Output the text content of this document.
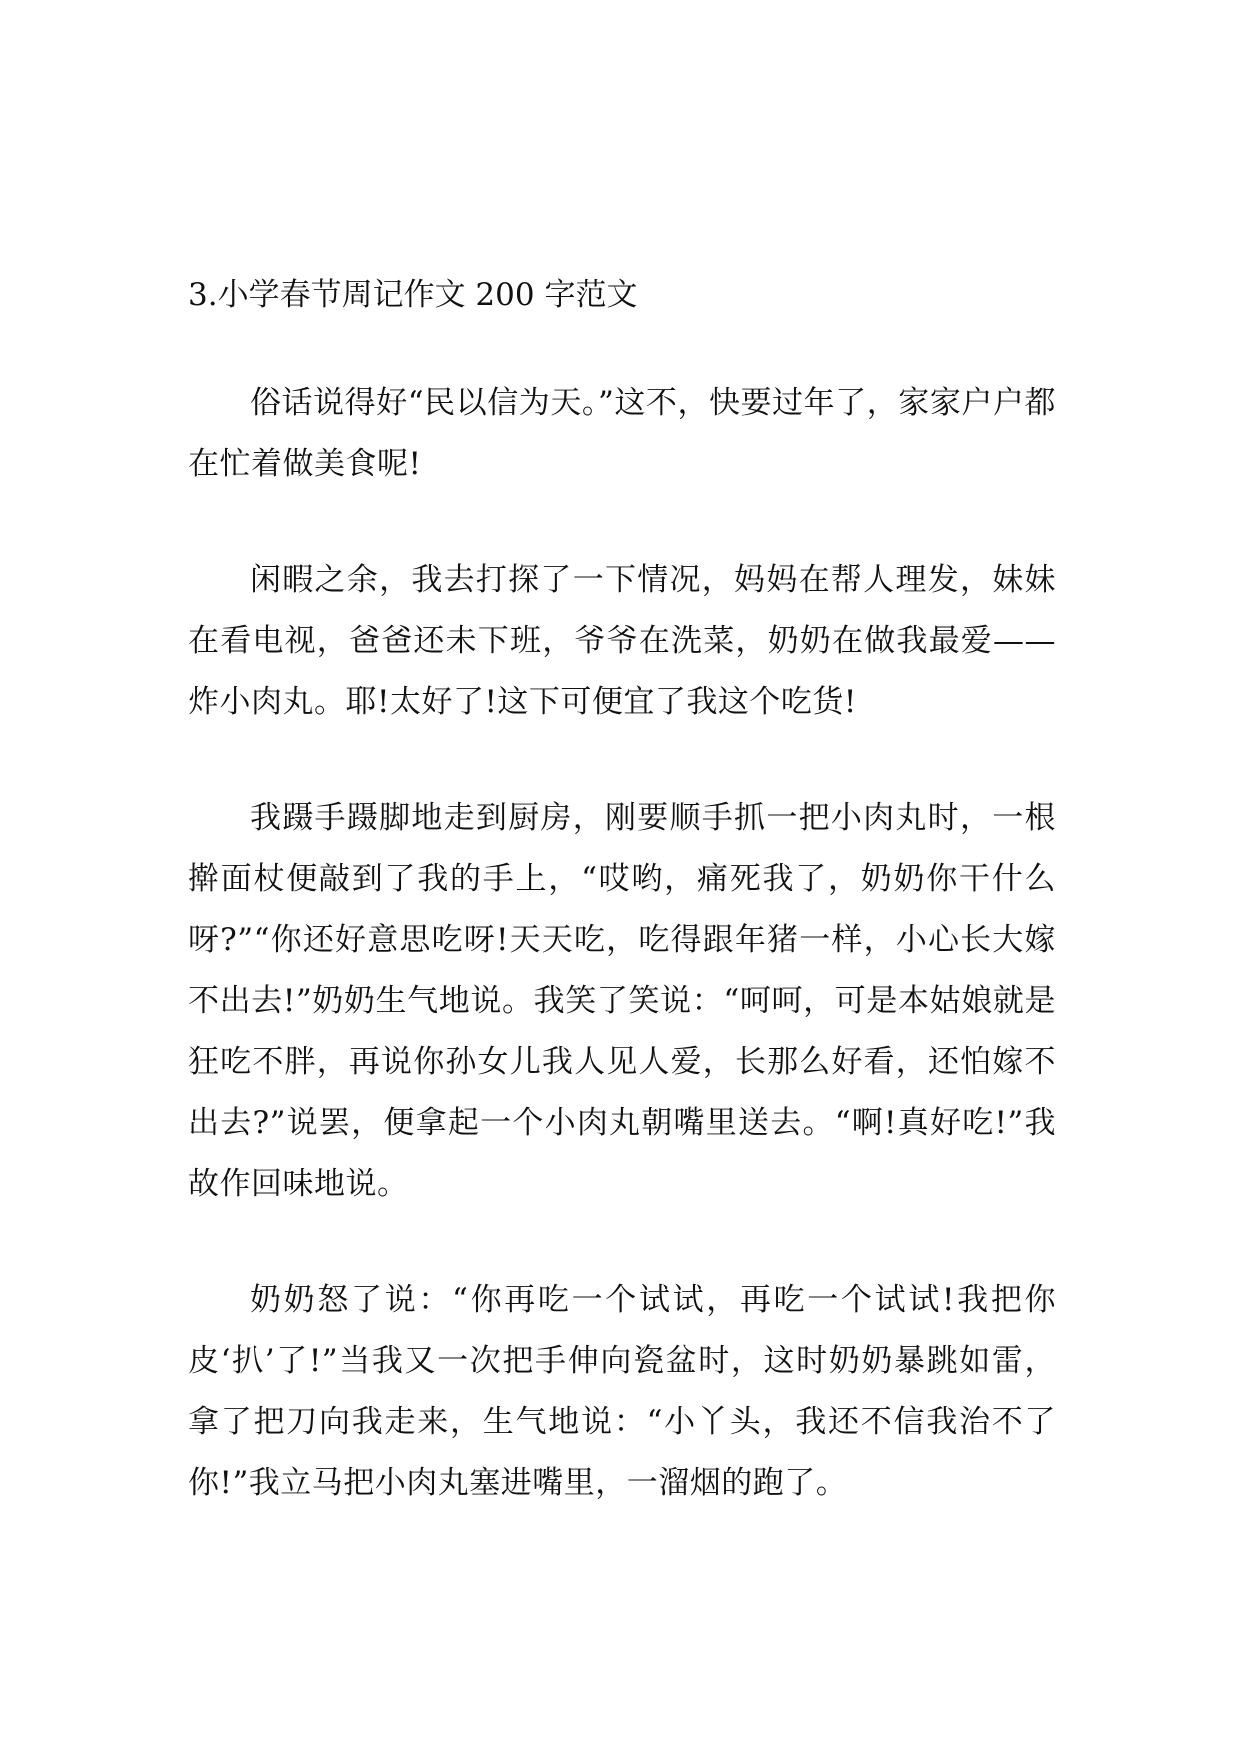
3.小学春节周记作文 200 字范文

俗话说得好“民以信为天。”这不，快要过年了，家家户户都在忙着做美食呢!

闲暇之余，我去打探了一下情况，妈妈在帮人理发，妹妹在看电视，爸爸还未下班，爷爷在洗菜，奶奶在做我最爱——炸小肉丸。耶!太好了!这下可便宜了我这个吃货!

我蹑手蹑脚地走到厨房，刚要顺手抓一把小肉丸时，一根擀面杖便敲到了我的手上，“哎哟，痛死我了，奶奶你干什么呀?”“你还好意思吃呀!天天吃，吃得跟年猪一样，小心长大嫁不出去!”奶奶生气地说。我笑了笑说：“呵呵，可是本姑娘就是狂吃不胖，再说你孙女儿我人见人爱，长那么好看，还怕嫁不出去?”说罢，便拿起一个小肉丸朝嘴里送去。“啊!真好吃!”我故作回味地说。

奶奶怒了说：“你再吃一个试试，再吃一个试试!我把你皮‘扒’了!”当我又一次把手伸向瓷盆时，这时奶奶暴跳如雷，拿了把刀向我走来，生气地说：“小丫头，我还不信我治不了你!”我立马把小肉丸塞进嘴里，一溜烟的跑了。
